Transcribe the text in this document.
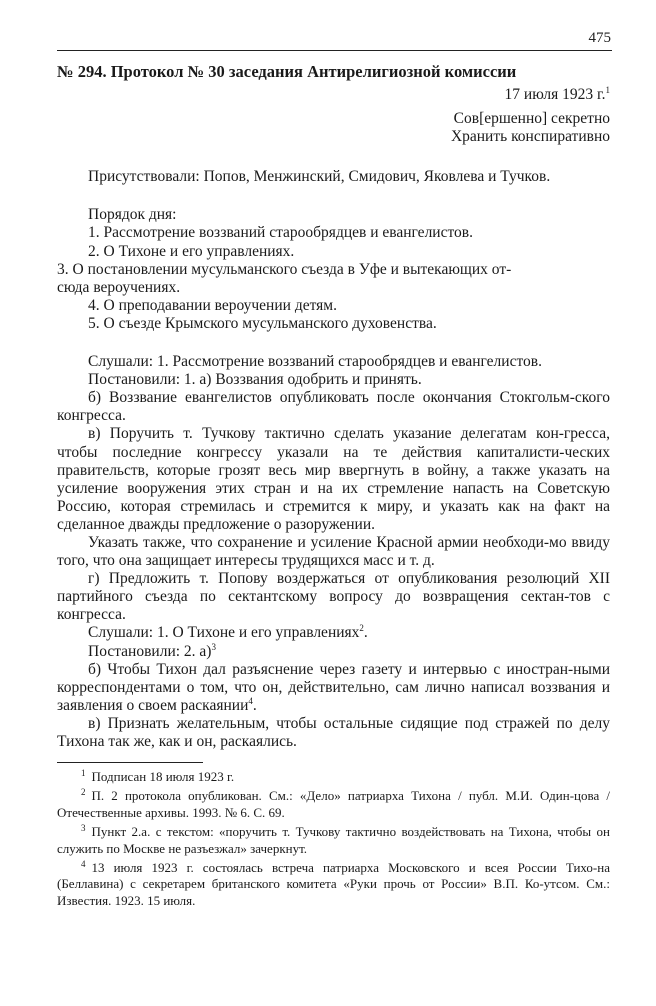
475

№ 294. Протокол № 30 заседания Антирелигиозной комиссии

17 июля 1923 г.$^1$
Сов[ершенно] секретно
Хранить конспиративно

Присутствовали: Попов, Менжинский, Смидович, Яковлева и Тучков.

Порядок дня:

1. Рассмотрение воззваний старообрядцев и евангелистов.

2. О Тихоне и его управлениях.

3. О постановлении мусульманского съезда в Уфе и вытекающих от-
сюда вероучениях.

4. О преподавании вероучении детям.

5. О съезде Крымского мусульманского духовенства.

Слушали: 1. Рассмотрение воззваний старообрядцев и евангелистов.

Постановили: 1. а) Воззвания одобрить и принять.

б) Воззвание евангелистов опубликовать после окончания Стокгольм-ского конгресса.

в) Поручить т. Тучкову тактично сделать указание делегатам кон-гресса, чтобы последние конгрессу указали на те действия капиталисти-ческих правительств, которые грозят весь мир ввергнуть в войну, а также указать на усиление вооружения этих стран и на их стремление напасть на Советскую Россию, которая стремилась и стремится к миру, и указать как на факт на сделанное дважды предложение о разоружении.

Указать также, что сохранение и усиление Красной армии необходи-мо ввиду того, что она защищает интересы трудящихся масс и т. д.

г) Предложить т. Попову воздержаться от опубликования резолюций XII партийного съезда по сектантскому вопросу до возвращения сектан-тов с конгресса.

Слушали: 1. О Тихоне и его управлениях$^2$.

Постановили: 2. а)$^3$

б) Чтобы Тихон дал разъяснение через газету и интервью с иностран-ными корреспондентами о том, что он, действительно, сам лично написал воззвания и заявления о своем раскаянии$^4$.

в) Признать желательным, чтобы остальные сидящие под стражей по делу Тихона так же, как и он, раскаялись.

$^1$ Подписан 18 июля 1923 г.

$^2$ П. 2 протокола опубликован. См.: «Дело» патриарха Тихона / публ. М.И. Один-цова / Отечественные архивы. 1993. № 6. С. 69.

$^3$ Пункт 2.а. с текстом: «поручить т. Тучкову тактично воздействовать на Тихона, чтобы он служить по Москве не разъезжал» зачеркнут.

$^4$ 13 июля 1923 г. состоялась встреча патриарха Московского и всея России Тихо-на (Беллавина) с секретарем британского комитета «Руки прочь от России» В.П. Ко-утсом. См.: Известия. 1923. 15 июля.
